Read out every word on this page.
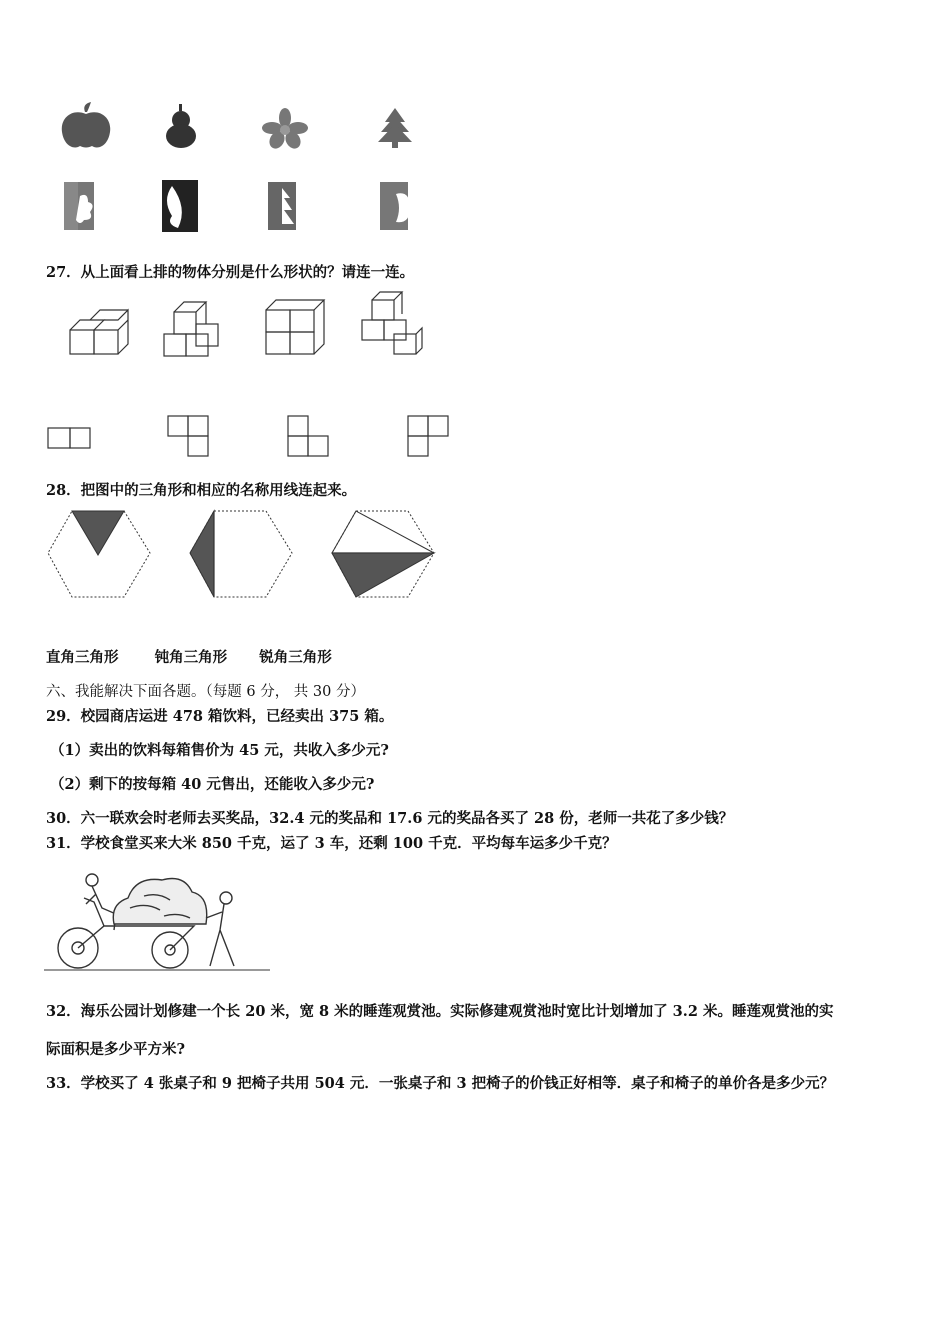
27．从上面看上排的物体分别是什么形状的？请连一连。
28．把图中的三角形和相应的名称用线连起来。
直角三角形 钝角三角形 锐角三角形
六、我能解决下面各题。（每题 6 分， 共 30 分）
29．校园商店运进 478 箱饮料，已经卖出 375 箱。
（1）卖出的饮料每箱售价为 45 元，共收入多少元?
（2）剩下的按每箱 40 元售出，还能收入多少元?
30．六一联欢会时老师去买奖品，32.4 元的奖品和 17.6 元的奖品各买了 28 份，老师一共花了多少钱？
31．学校食堂买来大米 850 千克，运了 3 车，还剩 100 千克．平均每车运多少千克？
32．海乐公园计划修建一个长 20 米，宽 8 米的睡莲观赏池。实际修建观赏池时宽比计划增加了 3.2 米。睡莲观赏池的实
际面积是多少平方米?
33．学校买了 4 张桌子和 9 把椅子共用 504 元．一张桌子和 3 把椅子的价钱正好相等．桌子和椅子的单价各是多少元？
